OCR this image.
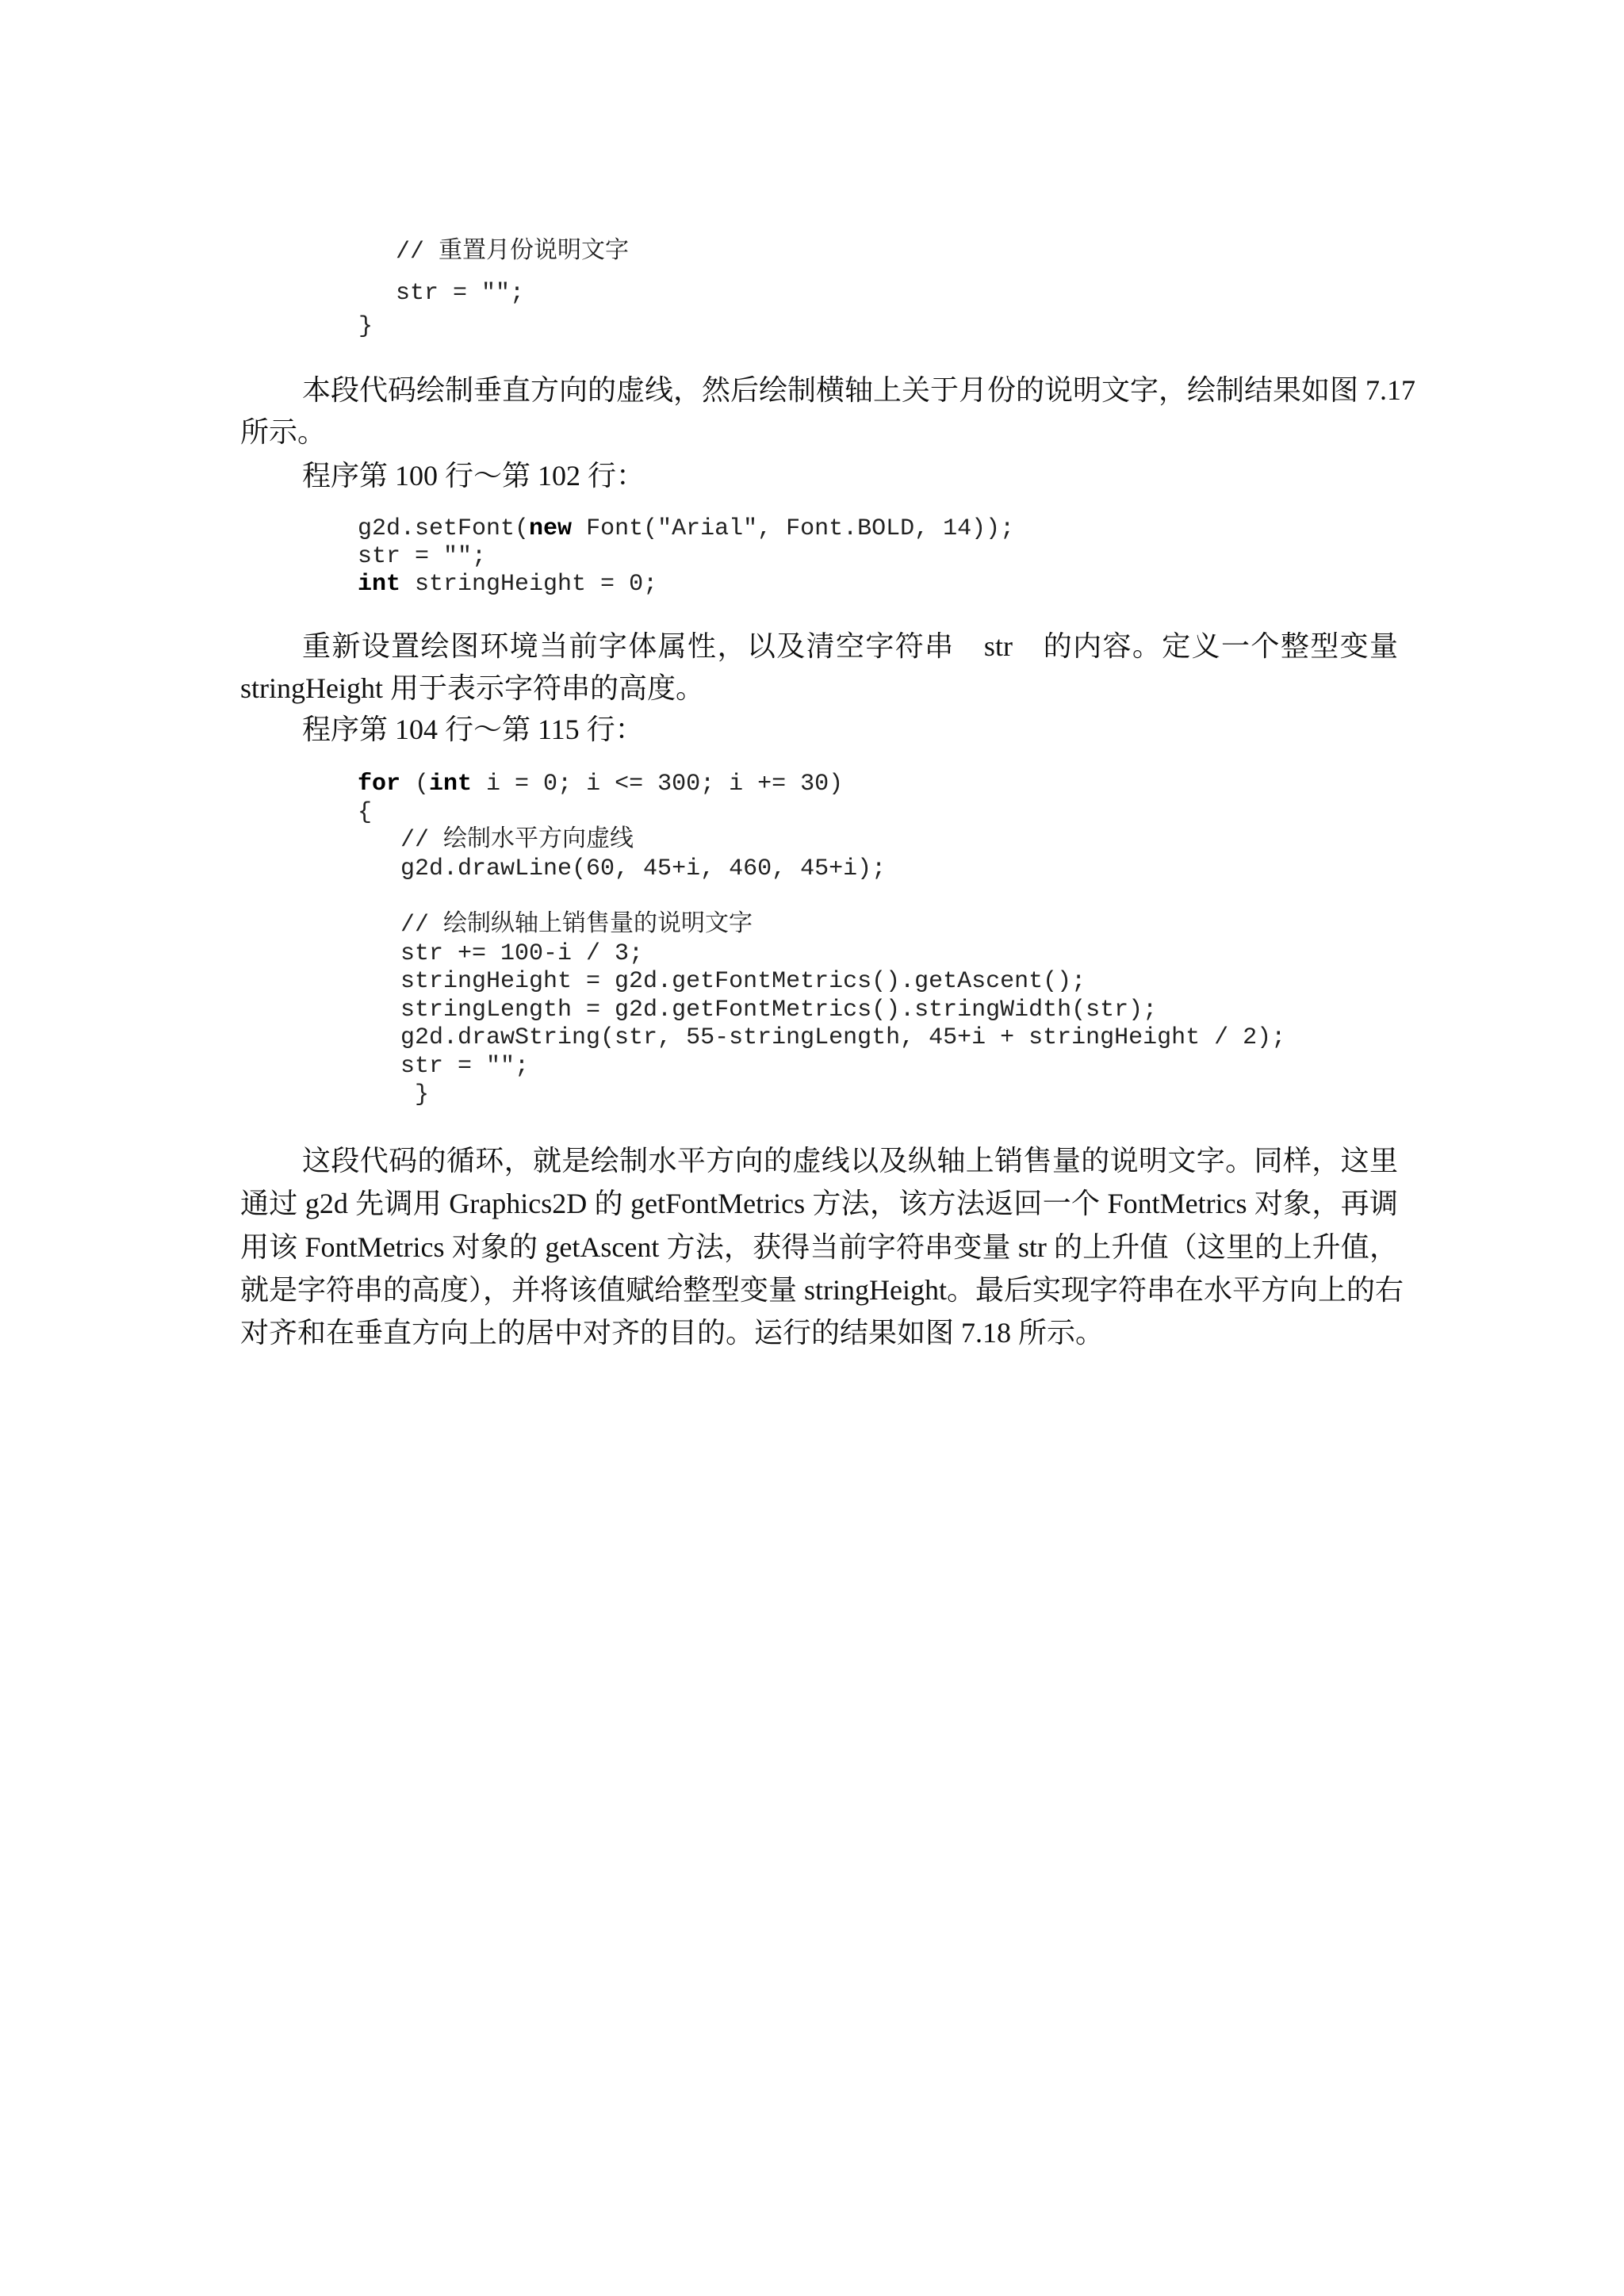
// 重置月份说明文字
str = "";
}
本段代码绘制垂直方向的虚线，然后绘制横轴上关于月份的说明文字，绘制结果如图 7.17
所示。
程序第 100 行～第 102 行：
g2d.setFont(new Font("Arial", Font.BOLD, 14));
str = "";
int stringHeight = 0;
重新设置绘图环境当前字体属性，以及清空字符串　str　的内容。定义一个整型变量
stringHeight 用于表示字符串的高度。
程序第 104 行～第 115 行：
for (int i = 0; i <= 300; i += 30)
{
// 绘制水平方向虚线
g2d.drawLine(60, 45+i, 460, 45+i);
// 绘制纵轴上销售量的说明文字
str += 100-i / 3;
stringHeight = g2d.getFontMetrics().getAscent();
stringLength = g2d.getFontMetrics().stringWidth(str);
g2d.drawString(str, 55-stringLength, 45+i + stringHeight / 2);
str = "";
}
这段代码的循环，就是绘制水平方向的虚线以及纵轴上销售量的说明文字。同样，这里
通过 g2d 先调用 Graphics2D 的 getFontMetrics 方法，该方法返回一个 FontMetrics 对象，再调
用该 FontMetrics 对象的 getAscent 方法，获得当前字符串变量 str 的上升值（这里的上升值，
就是字符串的高度），并将该值赋给整型变量 stringHeight。最后实现字符串在水平方向上的右
对齐和在垂直方向上的居中对齐的目的。运行的结果如图 7.18 所示。
